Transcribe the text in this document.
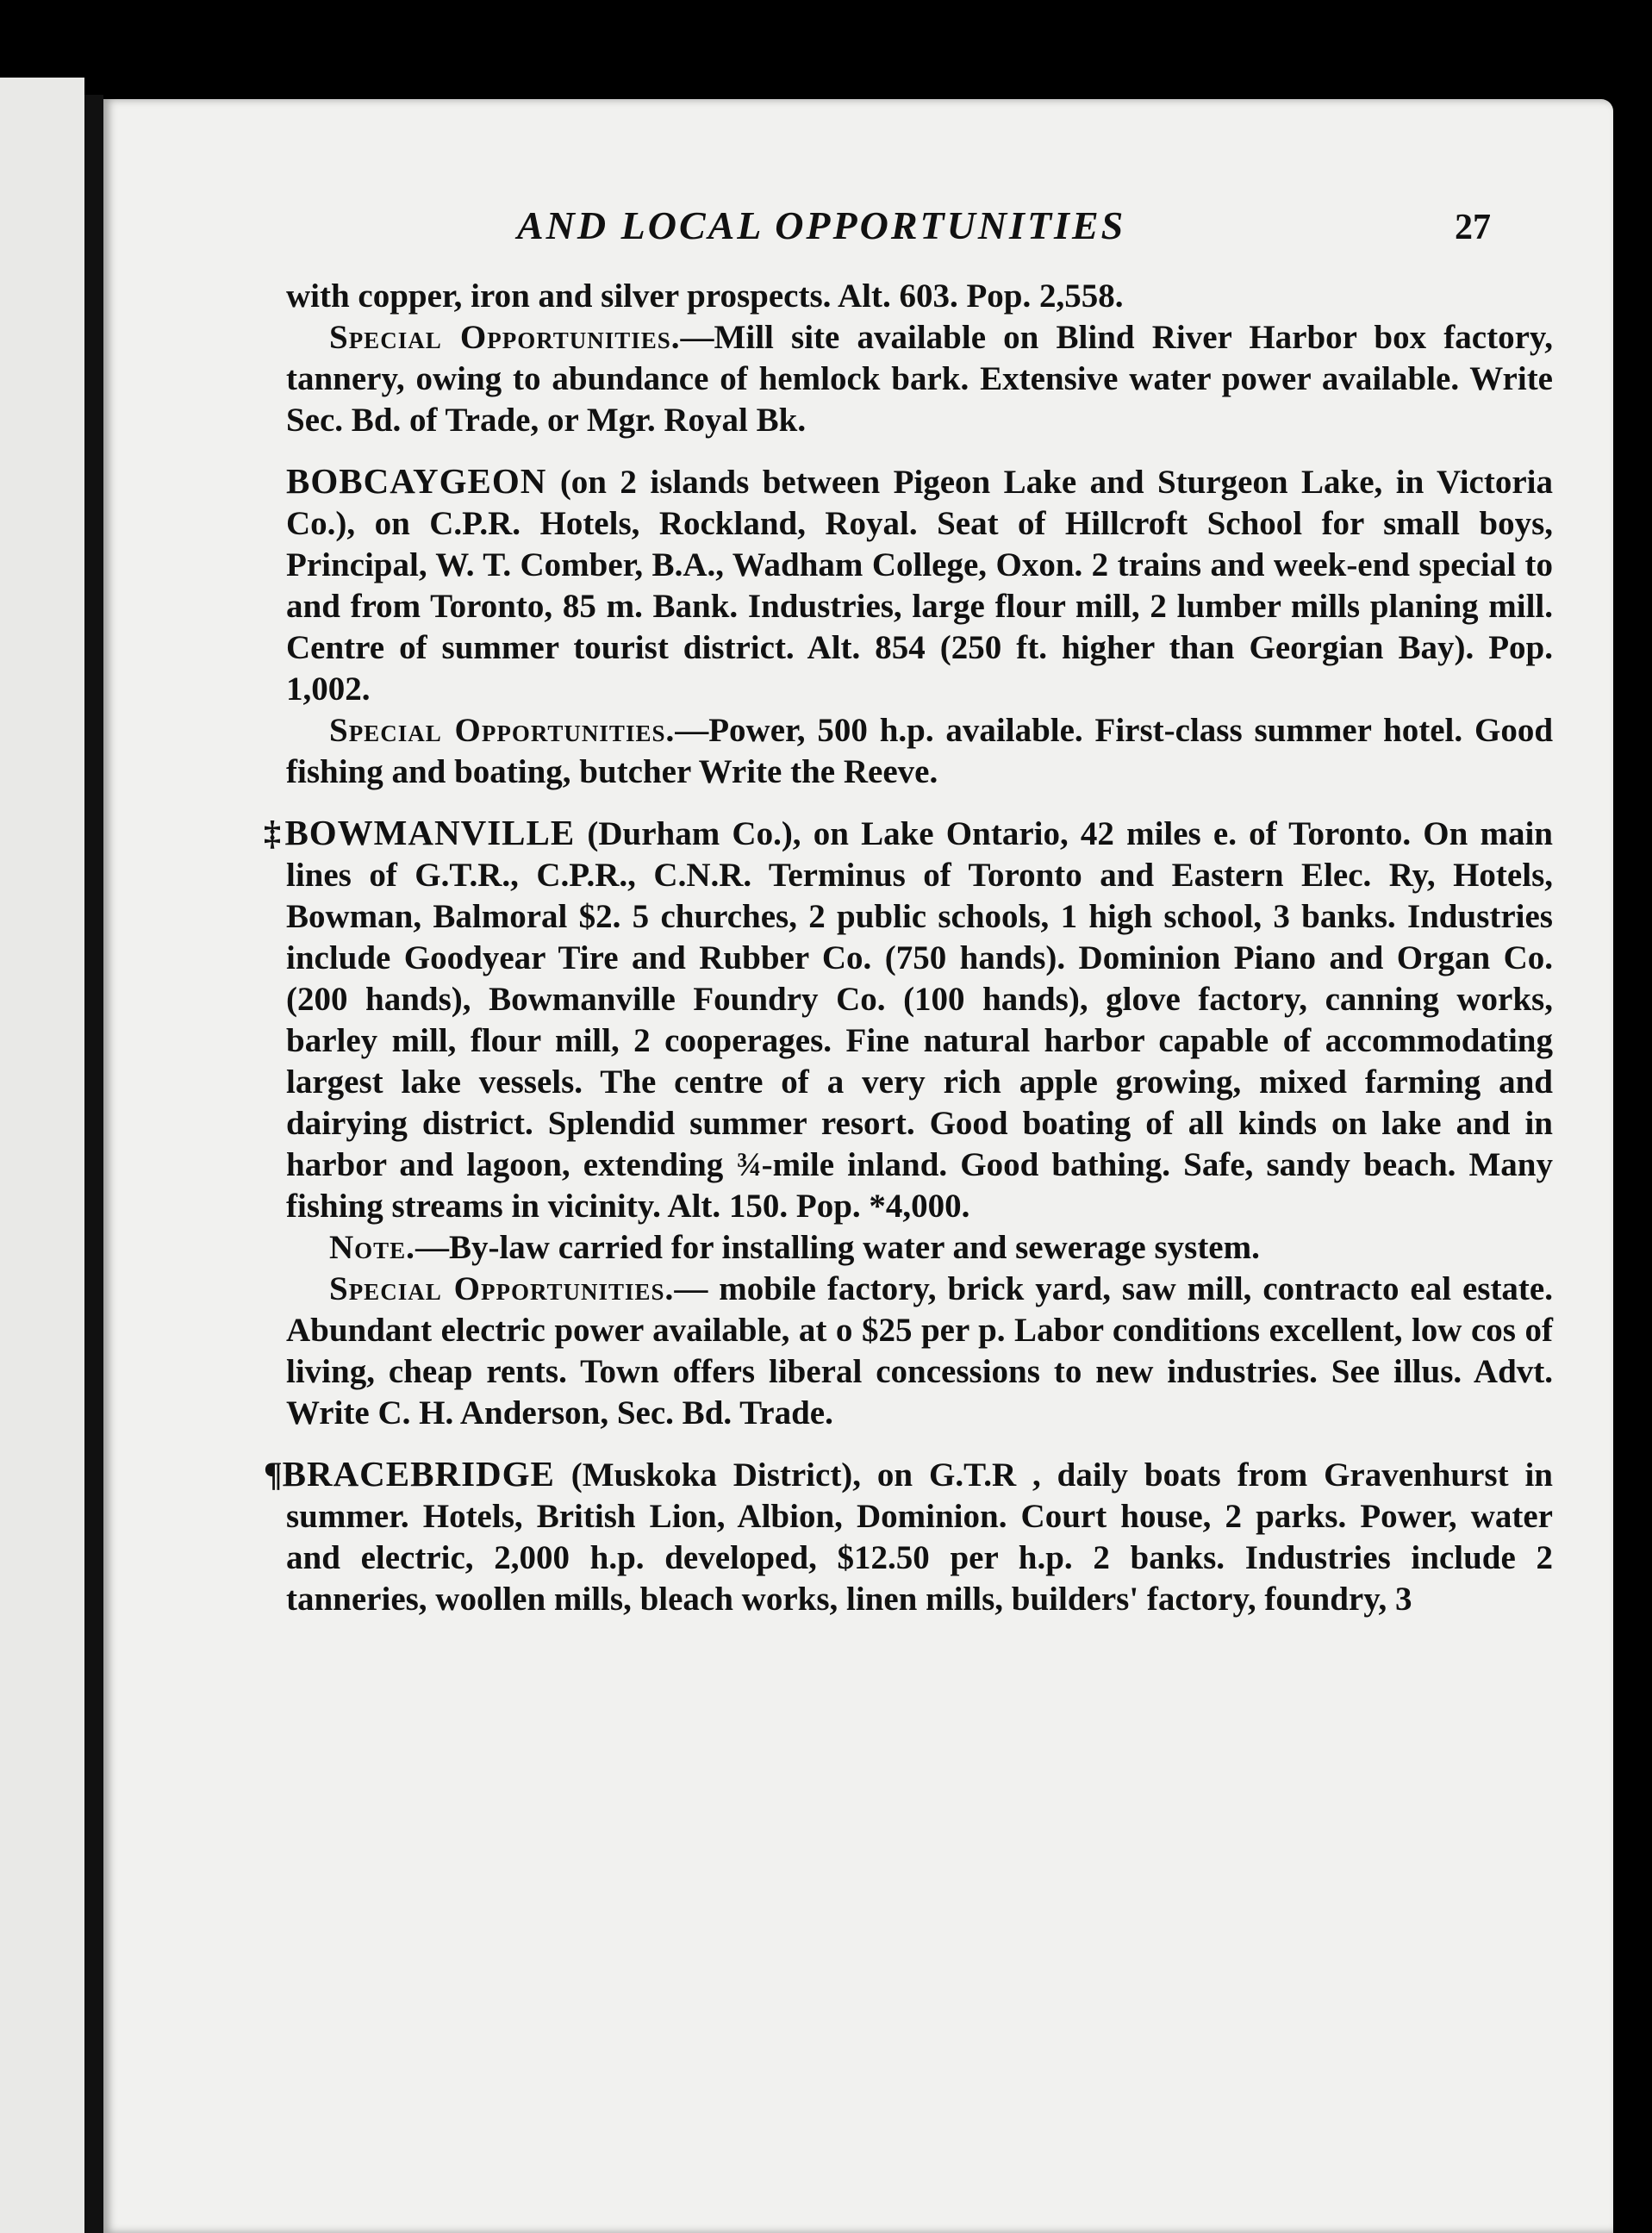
AND LOCAL OPPORTUNITIES	27

with copper, iron and silver prospects. Alt. 603. Pop. 2,558.

Special Opportunities.—Mill site available on Blind River Harbor box factory, tannery, owing to abundance of hemlock bark. Extensive water power available. Write Sec. Bd. of Trade, or Mgr. Royal Bk.

BOBCAYGEON (on 2 islands between Pigeon Lake and Sturgeon Lake, in Victoria Co.), on C.P.R. Hotels, Rockland, Royal. Seat of Hillcroft School for small boys, Principal, W. T. Comber, B.A., Wadham College, Oxon. 2 trains and week-end special to and from Toronto, 85 m. Bank. Industries, large flour mill, 2 lumber mills planing mill. Centre of summer tourist district. Alt. 854 (250 ft. higher than Georgian Bay). Pop. 1,002.

Special Opportunities.—Power, 500 h.p. available. First-class summer hotel. Good fishing and boating, butcher Write the Reeve.

‡BOWMANVILLE (Durham Co.), on Lake Ontario, 42 miles e. of Toronto. On main lines of G.T.R., C.P.R., C.N.R. Terminus of Toronto and Eastern Elec. Ry, Hotels, Bowman, Balmoral $2. 5 churches, 2 public schools, 1 high school, 3 banks. Industries include Goodyear Tire and Rubber Co. (750 hands). Dominion Piano and Organ Co. (200 hands), Bowmanville Foundry Co. (100 hands), glove factory, canning works, barley mill, flour mill, 2 cooperages. Fine natural harbor capable of accommodating largest lake vessels. The centre of a very rich apple growing, mixed farming and dairying district. Splendid summer resort. Good boating of all kinds on lake and in harbor and lagoon, extending ¾-mile inland. Good bathing. Safe, sandy beach. Many fishing streams in vicinity. Alt. 150. Pop. *4,000.

Note.—By-law carried for installing water and sewerage system.

Special Opportunities.— mobile factory, brick yard, saw mill, contracto eal estate. Abundant electric power available, at o $25 per p. Labor conditions excellent, low cos of living, cheap rents. Town offers liberal concessions to new industries. See illus. Advt. Write C. H. Anderson, Sec. Bd. Trade.

¶BRACEBRIDGE (Muskoka District), on G.T.R , daily boats from Gravenhurst in summer. Hotels, British Lion, Albion, Dominion. Court house, 2 parks. Power, water and electric, 2,000 h.p. developed, $12.50 per h.p. 2 banks. Industries include 2 tanneries, woollen mills, bleach works, linen mills, builders' factory, foundry, 3
